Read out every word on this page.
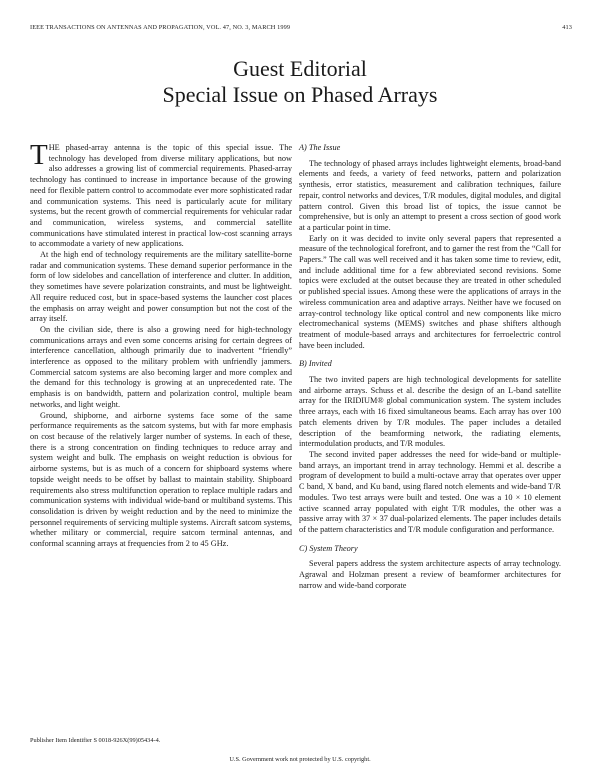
IEEE TRANSACTIONS ON ANTENNAS AND PROPAGATION, VOL. 47, NO. 3, MARCH 1999	413
Guest Editorial
Special Issue on Phased Arrays

THE phased-array antenna is the topic of this special issue. The technology has developed from diverse military applications, but now also addresses a growing list of commercial requirements. Phased-array technology has continued to increase in importance because of the growing need for flexible pattern control to accommodate ever more sophisticated radar and communication systems. This need is particularly acute for military systems, but the recent growth of commercial requirements for vehicular radar and communication, wireless systems, and commercial satellite communications have stimulated interest in practical low-cost scanning arrays to accommodate a variety of new applications.

At the high end of technology requirements are the military satellite-borne radar and communication systems. These demand superior performance in the form of low sidelobes and cancellation of interference and clutter. In addition, they sometimes have severe polarization constraints, and must be lightweight. All require reduced cost, but in space-based systems the launcher cost places the emphasis on array weight and power consumption but not the cost of the array itself.

On the civilian side, there is also a growing need for high-technology communications arrays and even some concerns arising for certain degrees of interference cancellation, although primarily due to inadvertent “friendly” interference as opposed to the military problem with unfriendly jammers. Commercial satcom systems are also becoming larger and more complex and the demand for this technology is growing at an unprecedented rate. The emphasis is on bandwidth, pattern and polarization control, multiple beam networks, and light weight.

Ground, shipborne, and airborne systems face some of the same performance requirements as the satcom systems, but with far more emphasis on cost because of the relatively larger number of systems. In each of these, there is a strong concentration on finding techniques to reduce array and system weight and bulk. The emphasis on weight reduction is obvious for airborne systems, but is as much of a concern for shipboard systems where topside weight needs to be offset by ballast to maintain stability. Shipboard requirements also stress multifunction operation to replace multiple radars and communication systems with individual wide-band or multiband systems. This consolidation is driven by weight reduction and by the need to minimize the personnel requirements of servicing multiple systems. Aircraft satcom systems, whether military or commercial, require satcom terminal antennas, and conformal scanning arrays at frequencies from 2 to 45 GHz.

A) The Issue

The technology of phased arrays includes lightweight elements, broad-band elements and feeds, a variety of feed networks, pattern and polarization synthesis, error statistics, measurement and calibration techniques, failure repair, control networks and devices, T/R modules, digital modules, and digital pattern control. Given this broad list of topics, the issue cannot be comprehensive, but is only an attempt to present a cross section of good work at a particular point in time.

Early on it was decided to invite only several papers that represented a measure of the technological forefront, and to garner the rest from the “Call for Papers.” The call was well received and it has taken some time to review, edit, and include additional time for a few abbreviated second revisions. Some topics were excluded at the outset because they are treated in other scheduled or published special issues. Among these were the applications of arrays in the wireless communication area and adaptive arrays. Neither have we focused on array-control technology like optical control and new components like micro electromechanical systems (MEMS) switches and phase shifters although treatment of module-based arrays and architectures for ferroelectric control have been included.

B) Invited

The two invited papers are high technological developments for satellite and airborne arrays. Schuss et al. describe the design of an L-band satellite array for the IRIDIUM® global communication system. The system includes three arrays, each with 16 fixed simultaneous beams. Each array has over 100 patch elements driven by T/R modules. The paper includes a detailed description of the beamforming network, the radiating elements, intermodulation products, and T/R modules.

The second invited paper addresses the need for wide-band or multiple-band arrays, an important trend in array technology. Hemmi et al. describe a program of development to build a multi-octave array that operates over upper C band, X band, and Ku band, using flared notch elements and wide-band T/R modules. Two test arrays were built and tested. One was a 10 × 10 element active scanned array populated with eight T/R modules, the other was a passive array with 37 × 37 dual-polarized elements. The paper includes details of the pattern characteristics and T/R module configuration and performance.

C) System Theory

Several papers address the system architecture aspects of array technology. Agrawal and Holzman present a review of beamformer architectures for narrow and wide-band corporate

Publisher Item Identifier S 0018-926X(99)05434-4.
U.S. Government work not protected by U.S. copyright.
